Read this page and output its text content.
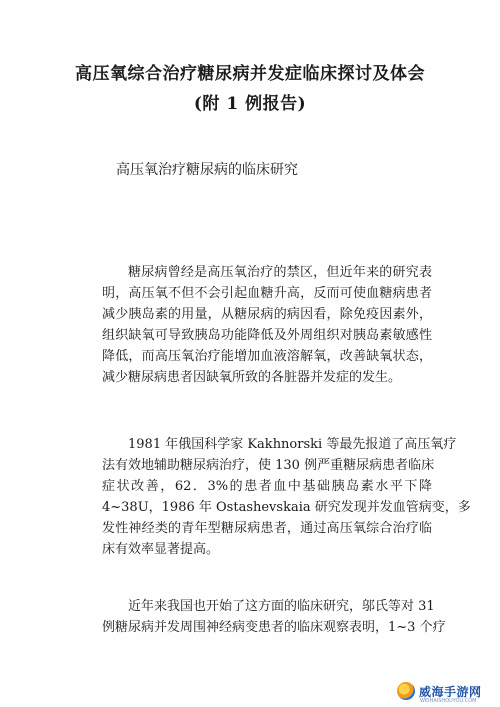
高压氧综合治疗糖尿病并发症临床探讨及体会
(附 1 例报告)
高压氧治疗糖尿病的临床研究

糖尿病曾经是高压氧治疗的禁区，但近年来的研究表
明，高压氧不但不会引起血糖升高，反而可使血糖病患者
减少胰岛素的用量，从糖尿病的病因看，除免疫因素外，
组织缺氧可导致胰岛功能降低及外周组织对胰岛素敏感性
降低，而高压氧治疗能增加血液溶解氧，改善缺氧状态，
减少糖尿病患者因缺氧所致的各脏器并发症的发生。

1981 年俄国科学家 Kakhnorski 等最先报道了高压氧疗
法有效地辅助糖尿病治疗，使 130 例严重糖尿病患者临床
症状改善，62．3%的患者血中基础胰岛素水平下降
4~38U，1986 年 Ostashevskaia 研究发现并发血管病变，多
发性神经类的青年型糖尿病患者，通过高压氧综合治疗临
床有效率显著提高。

近年来我国也开始了这方面的临床研究，邬氏等对 31
例糖尿病并发周围神经病变患者的临床观察表明，1~3 个疗

威海手游网
WEIHAISHOUYOU.COM
